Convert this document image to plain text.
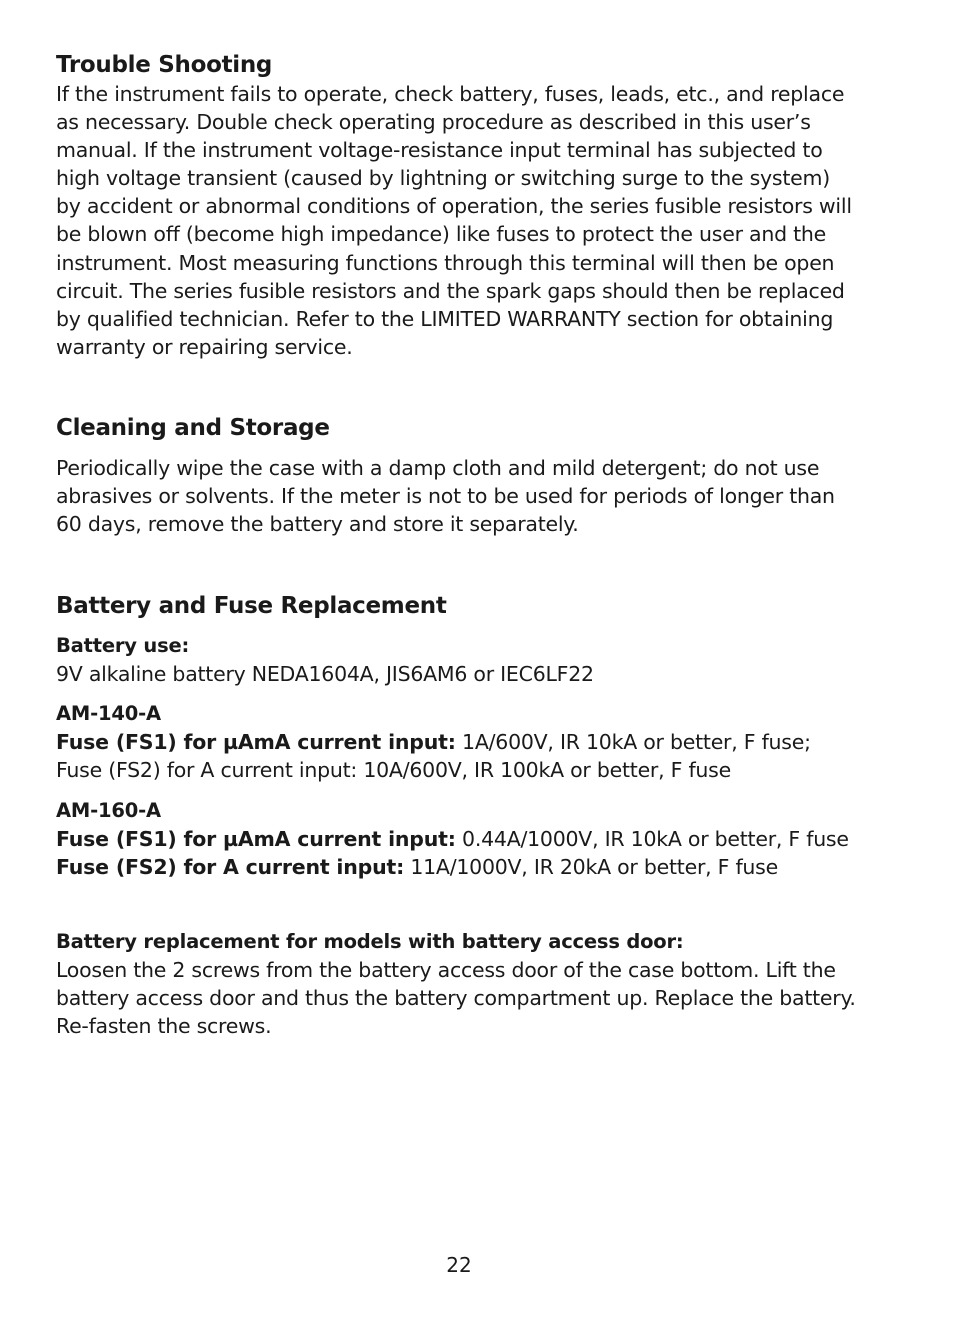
Trouble Shooting

If the instrument fails to operate, check battery, fuses, leads, etc., and replace
as necessary. Double check operating procedure as described in this user’s
manual. If the instrument voltage-resistance input terminal has subjected to
high voltage transient (caused by lightning or switching surge to the system)
by accident or abnormal conditions of operation, the series fusible resistors will
be blown off (become high impedance) like fuses to protect the user and the
instrument. Most measuring functions through this terminal will then be open
circuit. The series fusible resistors and the spark gaps should then be replaced
by qualified technician. Refer to the LIMITED WARRANTY section for obtaining
warranty or repairing service.

Cleaning and Storage

Periodically wipe the case with a damp cloth and mild detergent; do not use
abrasives or solvents. If the meter is not to be used for periods of longer than
60 days, remove the battery and store it separately.

Battery and Fuse Replacement
Battery use:
9V alkaline battery NEDA1604A, JIS6AM6 or IEC6LF22
AM-140-A
Fuse (FS1) for µAmA current input: 1A/600V, IR 10kA or better, F fuse;
Fuse (FS2) for A current input: 10A/600V, IR 100kA or better, F fuse
AM-160-A
Fuse (FS1) for µAmA current input: 0.44A/1000V, IR 10kA or better, F fuse
Fuse (FS2) for A current input: 11A/1000V, IR 20kA or better, F fuse
Battery replacement for models with battery access door:

Loosen the 2 screws from the battery access door of the case bottom. Lift the
battery access door and thus the battery compartment up. Replace the battery.
Re-fasten the screws.

22
